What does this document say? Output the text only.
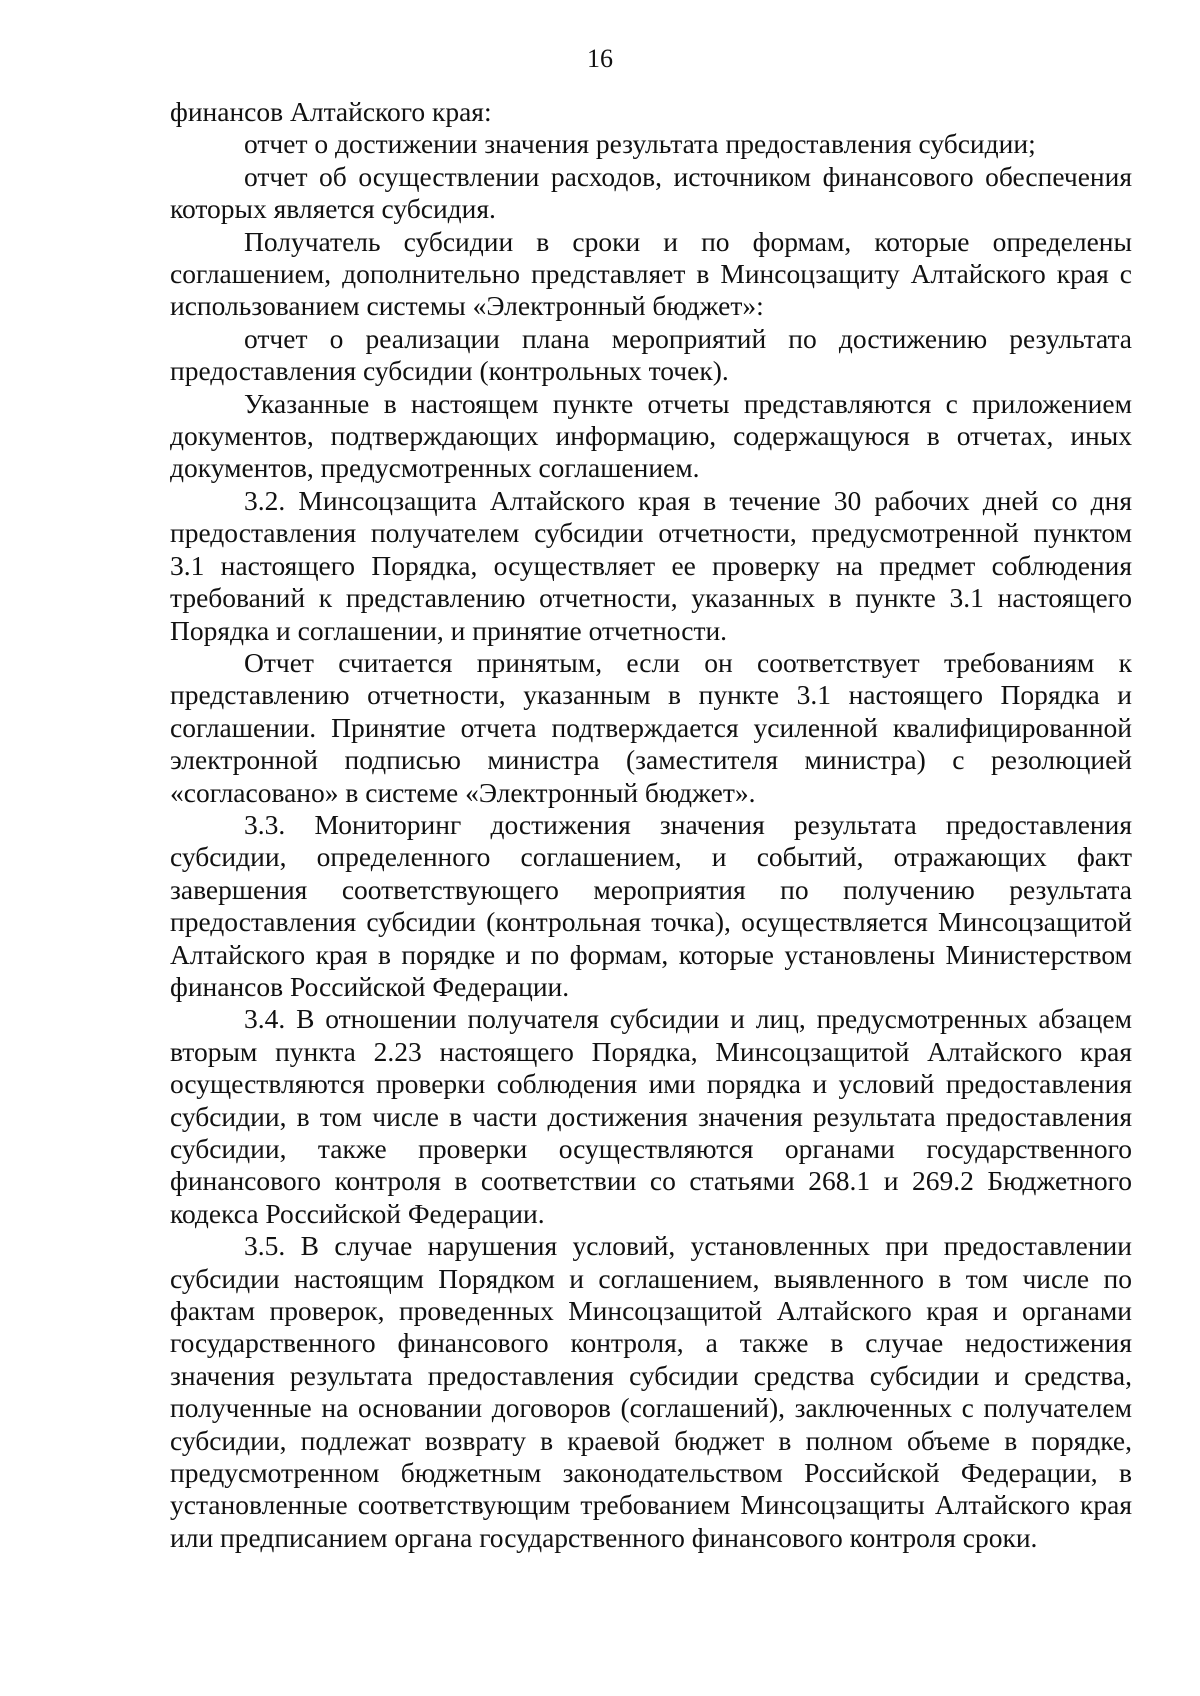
16

финансов Алтайского края:

отчет о достижении значения результата предоставления субсидии;

отчет об осуществлении расходов, источником финансового обеспечения которых является субсидия.

Получатель субсидии в сроки и по формам, которые определены соглашением, дополнительно представляет в Минсоцзащиту Алтайского края с использованием системы «Электронный бюджет»:

отчет о реализации плана мероприятий по достижению результата предоставления субсидии (контрольных точек).

Указанные в настоящем пункте отчеты представляются с приложением документов, подтверждающих информацию, содержащуюся в отчетах, иных документов, предусмотренных соглашением.

3.2. Минсоцзащита Алтайского края в течение 30 рабочих дней со дня предоставления получателем субсидии отчетности, предусмотренной пунктом 3.1 настоящего Порядка, осуществляет ее проверку на предмет соблюдения требований к представлению отчетности, указанных в пункте 3.1 настоящего Порядка и соглашении, и принятие отчетности.

Отчет считается принятым, если он соответствует требованиям к представлению отчетности, указанным в пункте 3.1 настоящего Порядка и соглашении. Принятие отчета подтверждается усиленной квалифицированной электронной подписью министра (заместителя министра) с резолюцией «согласовано» в системе «Электронный бюджет».

3.3. Мониторинг достижения значения результата предоставления субсидии, определенного соглашением, и событий, отражающих факт завершения соответствующего мероприятия по получению результата предоставления субсидии (контрольная точка), осуществляется Минсоцзащитой Алтайского края в порядке и по формам, которые установлены Министерством финансов Российской Федерации.

3.4. В отношении получателя субсидии и лиц, предусмотренных абзацем вторым пункта 2.23 настоящего Порядка, Минсоцзащитой Алтайского края осуществляются проверки соблюдения ими порядка и условий предоставления субсидии, в том числе в части достижения значения результата предоставления субсидии, также проверки осуществляются органами государственного финансового контроля в соответствии со статьями 268.1 и 269.2 Бюджетного кодекса Российской Федерации.

3.5. В случае нарушения условий, установленных при предоставлении субсидии настоящим Порядком и соглашением, выявленного в том числе по фактам проверок, проведенных Минсоцзащитой Алтайского края и органами государственного финансового контроля, а также в случае недостижения значения результата предоставления субсидии средства субсидии и средства, полученные на основании договоров (соглашений), заключенных с получателем субсидии, подлежат возврату в краевой бюджет в полном объеме в порядке, предусмотренном бюджетным законодательством Российской Федерации, в установленные соответствующим требованием Минсоцзащиты Алтайского края или предписанием органа государственного финансового контроля сроки.
